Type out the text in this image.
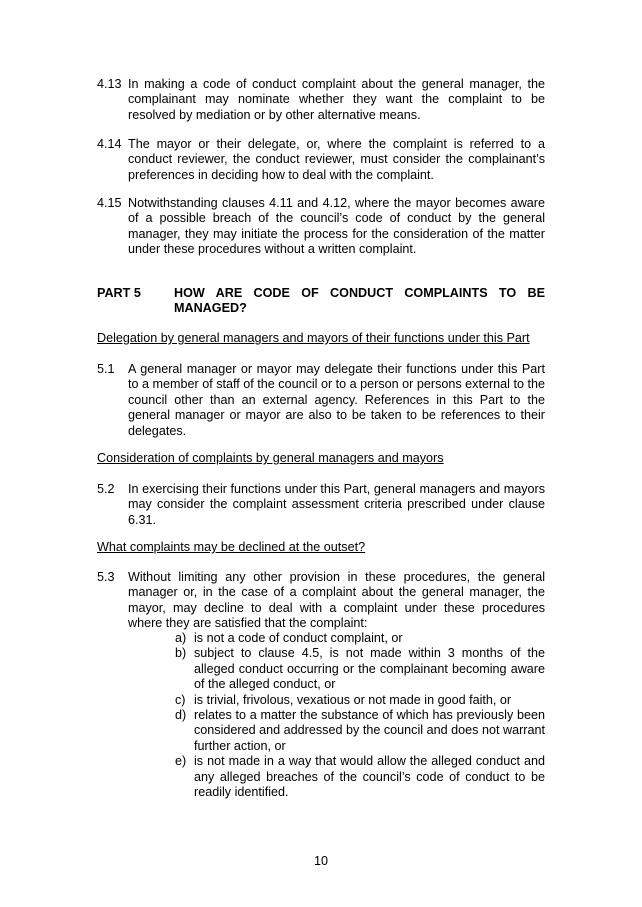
4.13 In making a code of conduct complaint about the general manager, the complainant may nominate whether they want the complaint to be resolved by mediation or by other alternative means.
4.14 The mayor or their delegate, or, where the complaint is referred to a conduct reviewer, the conduct reviewer, must consider the complainant’s preferences in deciding how to deal with the complaint.
4.15 Notwithstanding clauses 4.11 and 4.12, where the mayor becomes aware of a possible breach of the council’s code of conduct by the general manager, they may initiate the process for the consideration of the matter under these procedures without a written complaint.
PART 5	HOW ARE CODE OF CONDUCT COMPLAINTS TO BE MANAGED?
Delegation by general managers and mayors of their functions under this Part
5.1 A general manager or mayor may delegate their functions under this Part to a member of staff of the council or to a person or persons external to the council other than an external agency. References in this Part to the general manager or mayor are also to be taken to be references to their delegates.
Consideration of complaints by general managers and mayors
5.2 In exercising their functions under this Part, general managers and mayors may consider the complaint assessment criteria prescribed under clause 6.31.
What complaints may be declined at the outset?
5.3 Without limiting any other provision in these procedures, the general manager or, in the case of a complaint about the general manager, the mayor, may decline to deal with a complaint under these procedures where they are satisfied that the complaint:
a) is not a code of conduct complaint, or
b) subject to clause 4.5, is not made within 3 months of the alleged conduct occurring or the complainant becoming aware of the alleged conduct, or
c) is trivial, frivolous, vexatious or not made in good faith, or
d) relates to a matter the substance of which has previously been considered and addressed by the council and does not warrant further action, or
e) is not made in a way that would allow the alleged conduct and any alleged breaches of the council’s code of conduct to be readily identified.
10
